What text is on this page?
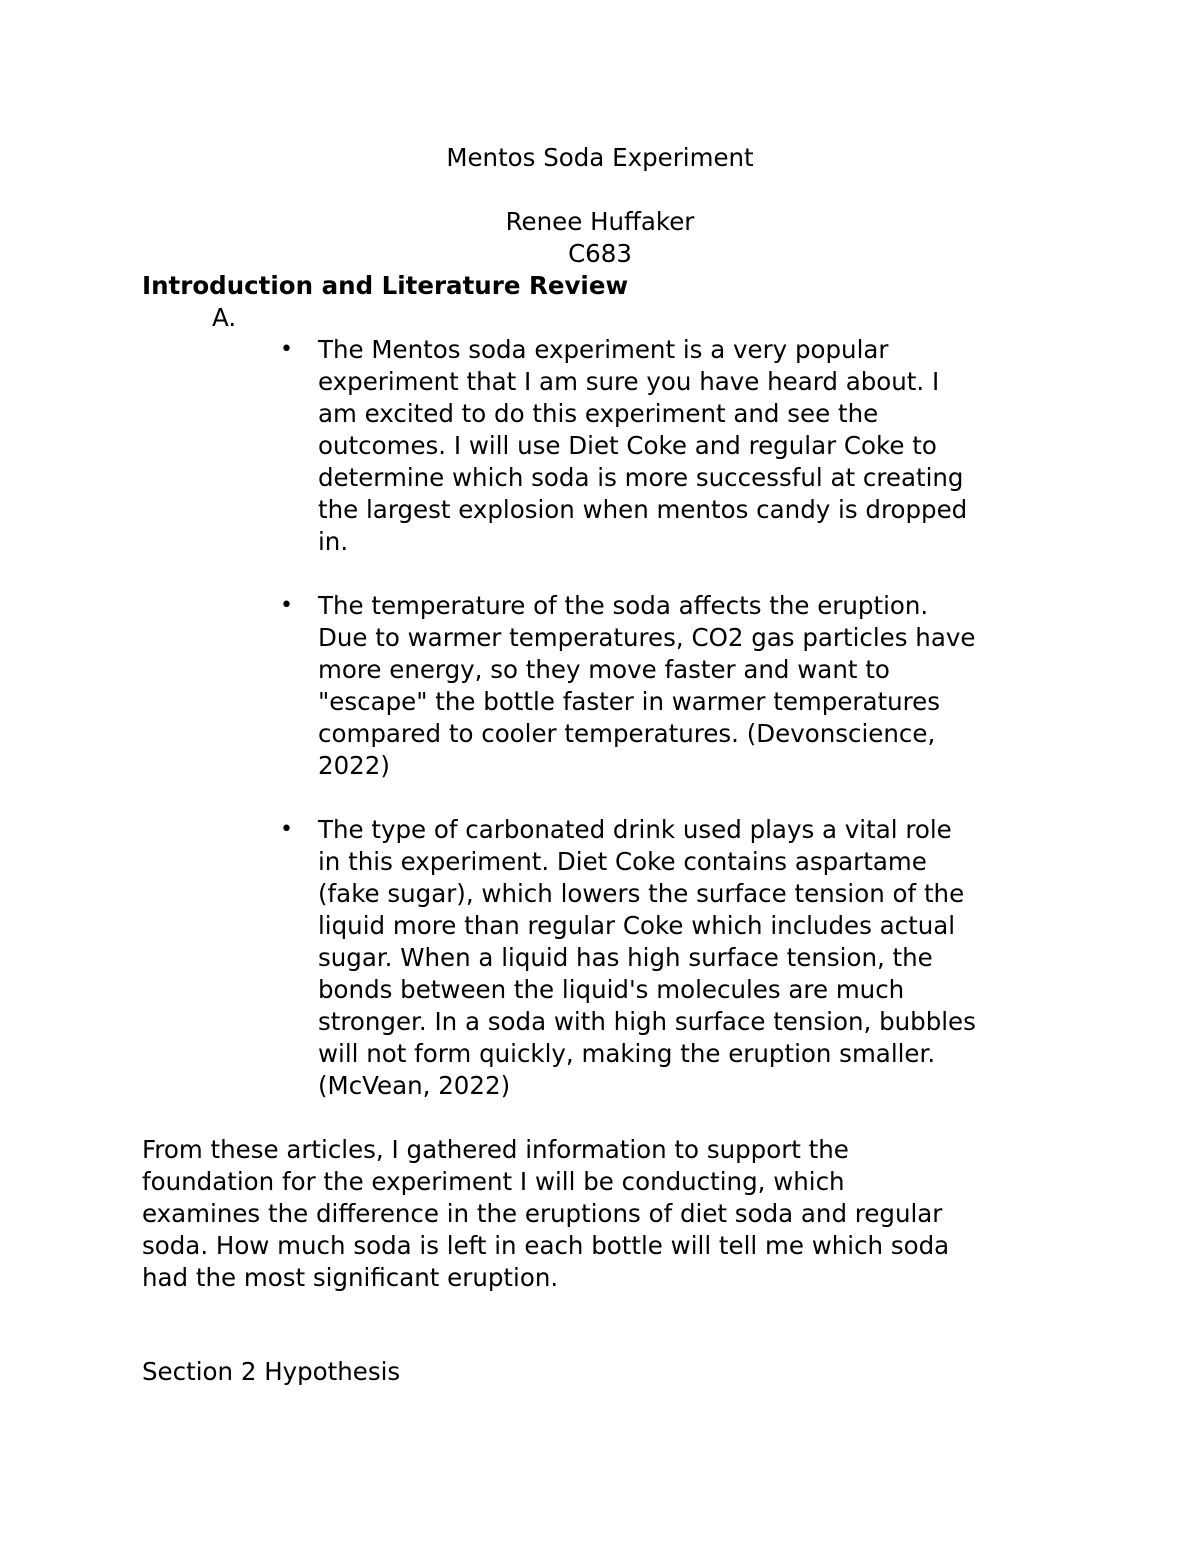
Mentos Soda Experiment
Renee Huffaker
C683
Introduction and Literature Review
A.
• The Mentos soda experiment is a very popular
experiment that I am sure you have heard about. I
am excited to do this experiment and see the
outcomes. I will use Diet Coke and regular Coke to
determine which soda is more successful at creating
the largest explosion when mentos candy is dropped
in.
• The temperature of the soda affects the eruption.
Due to warmer temperatures, CO2 gas particles have
more energy, so they move faster and want to
"escape" the bottle faster in warmer temperatures
compared to cooler temperatures. (Devonscience,
2022)
• The type of carbonated drink used plays a vital role
in this experiment. Diet Coke contains aspartame
(fake sugar), which lowers the surface tension of the
liquid more than regular Coke which includes actual
sugar. When a liquid has high surface tension, the
bonds between the liquid's molecules are much
stronger. In a soda with high surface tension, bubbles
will not form quickly, making the eruption smaller.
(McVean, 2022)
From these articles, I gathered information to support the
foundation for the experiment I will be conducting, which
examines the difference in the eruptions of diet soda and regular
soda. How much soda is left in each bottle will tell me which soda
had the most significant eruption.
Section 2 Hypothesis
